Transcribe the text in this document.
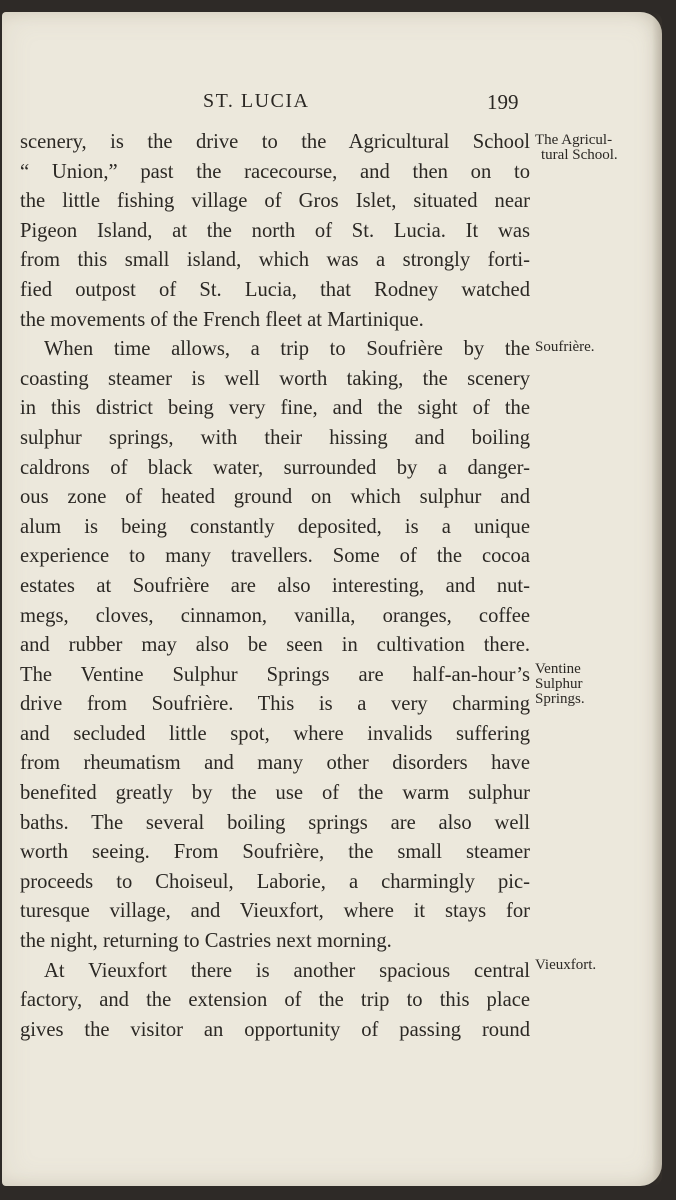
ST. LUCIA	199
scenery, is the drive to the Agricultural School
“ Union,” past the racecourse, and then on to
the little fishing village of Gros Islet, situated near
Pigeon Island, at the north of St. Lucia. It was
from this small island, which was a strongly forti-
fied outpost of St. Lucia, that Rodney watched
the movements of the French fleet at Martinique.
When time allows, a trip to Soufrière by the
coasting steamer is well worth taking, the scenery
in this district being very fine, and the sight of the
sulphur springs, with their hissing and boiling
caldrons of black water, surrounded by a danger-
ous zone of heated ground on which sulphur and
alum is being constantly deposited, is a unique
experience to many travellers. Some of the cocoa
estates at Soufrière are also interesting, and nut-
megs, cloves, cinnamon, vanilla, oranges, coffee
and rubber may also be seen in cultivation there.
The Ventine Sulphur Springs are half-an-hour’s
drive from Soufrière. This is a very charming
and secluded little spot, where invalids suffering
from rheumatism and many other disorders have
benefited greatly by the use of the warm sulphur
baths. The several boiling springs are also well
worth seeing. From Soufrière, the small steamer
proceeds to Choiseul, Laborie, a charmingly pic-
turesque village, and Vieuxfort, where it stays for
the night, returning to Castries next morning.
At Vieuxfort there is another spacious central
factory, and the extension of the trip to this place
gives the visitor an opportunity of passing round
The Agricul-
tural School.
Soufrière.
Ventine
Sulphur
Springs.
Vieuxfort.
